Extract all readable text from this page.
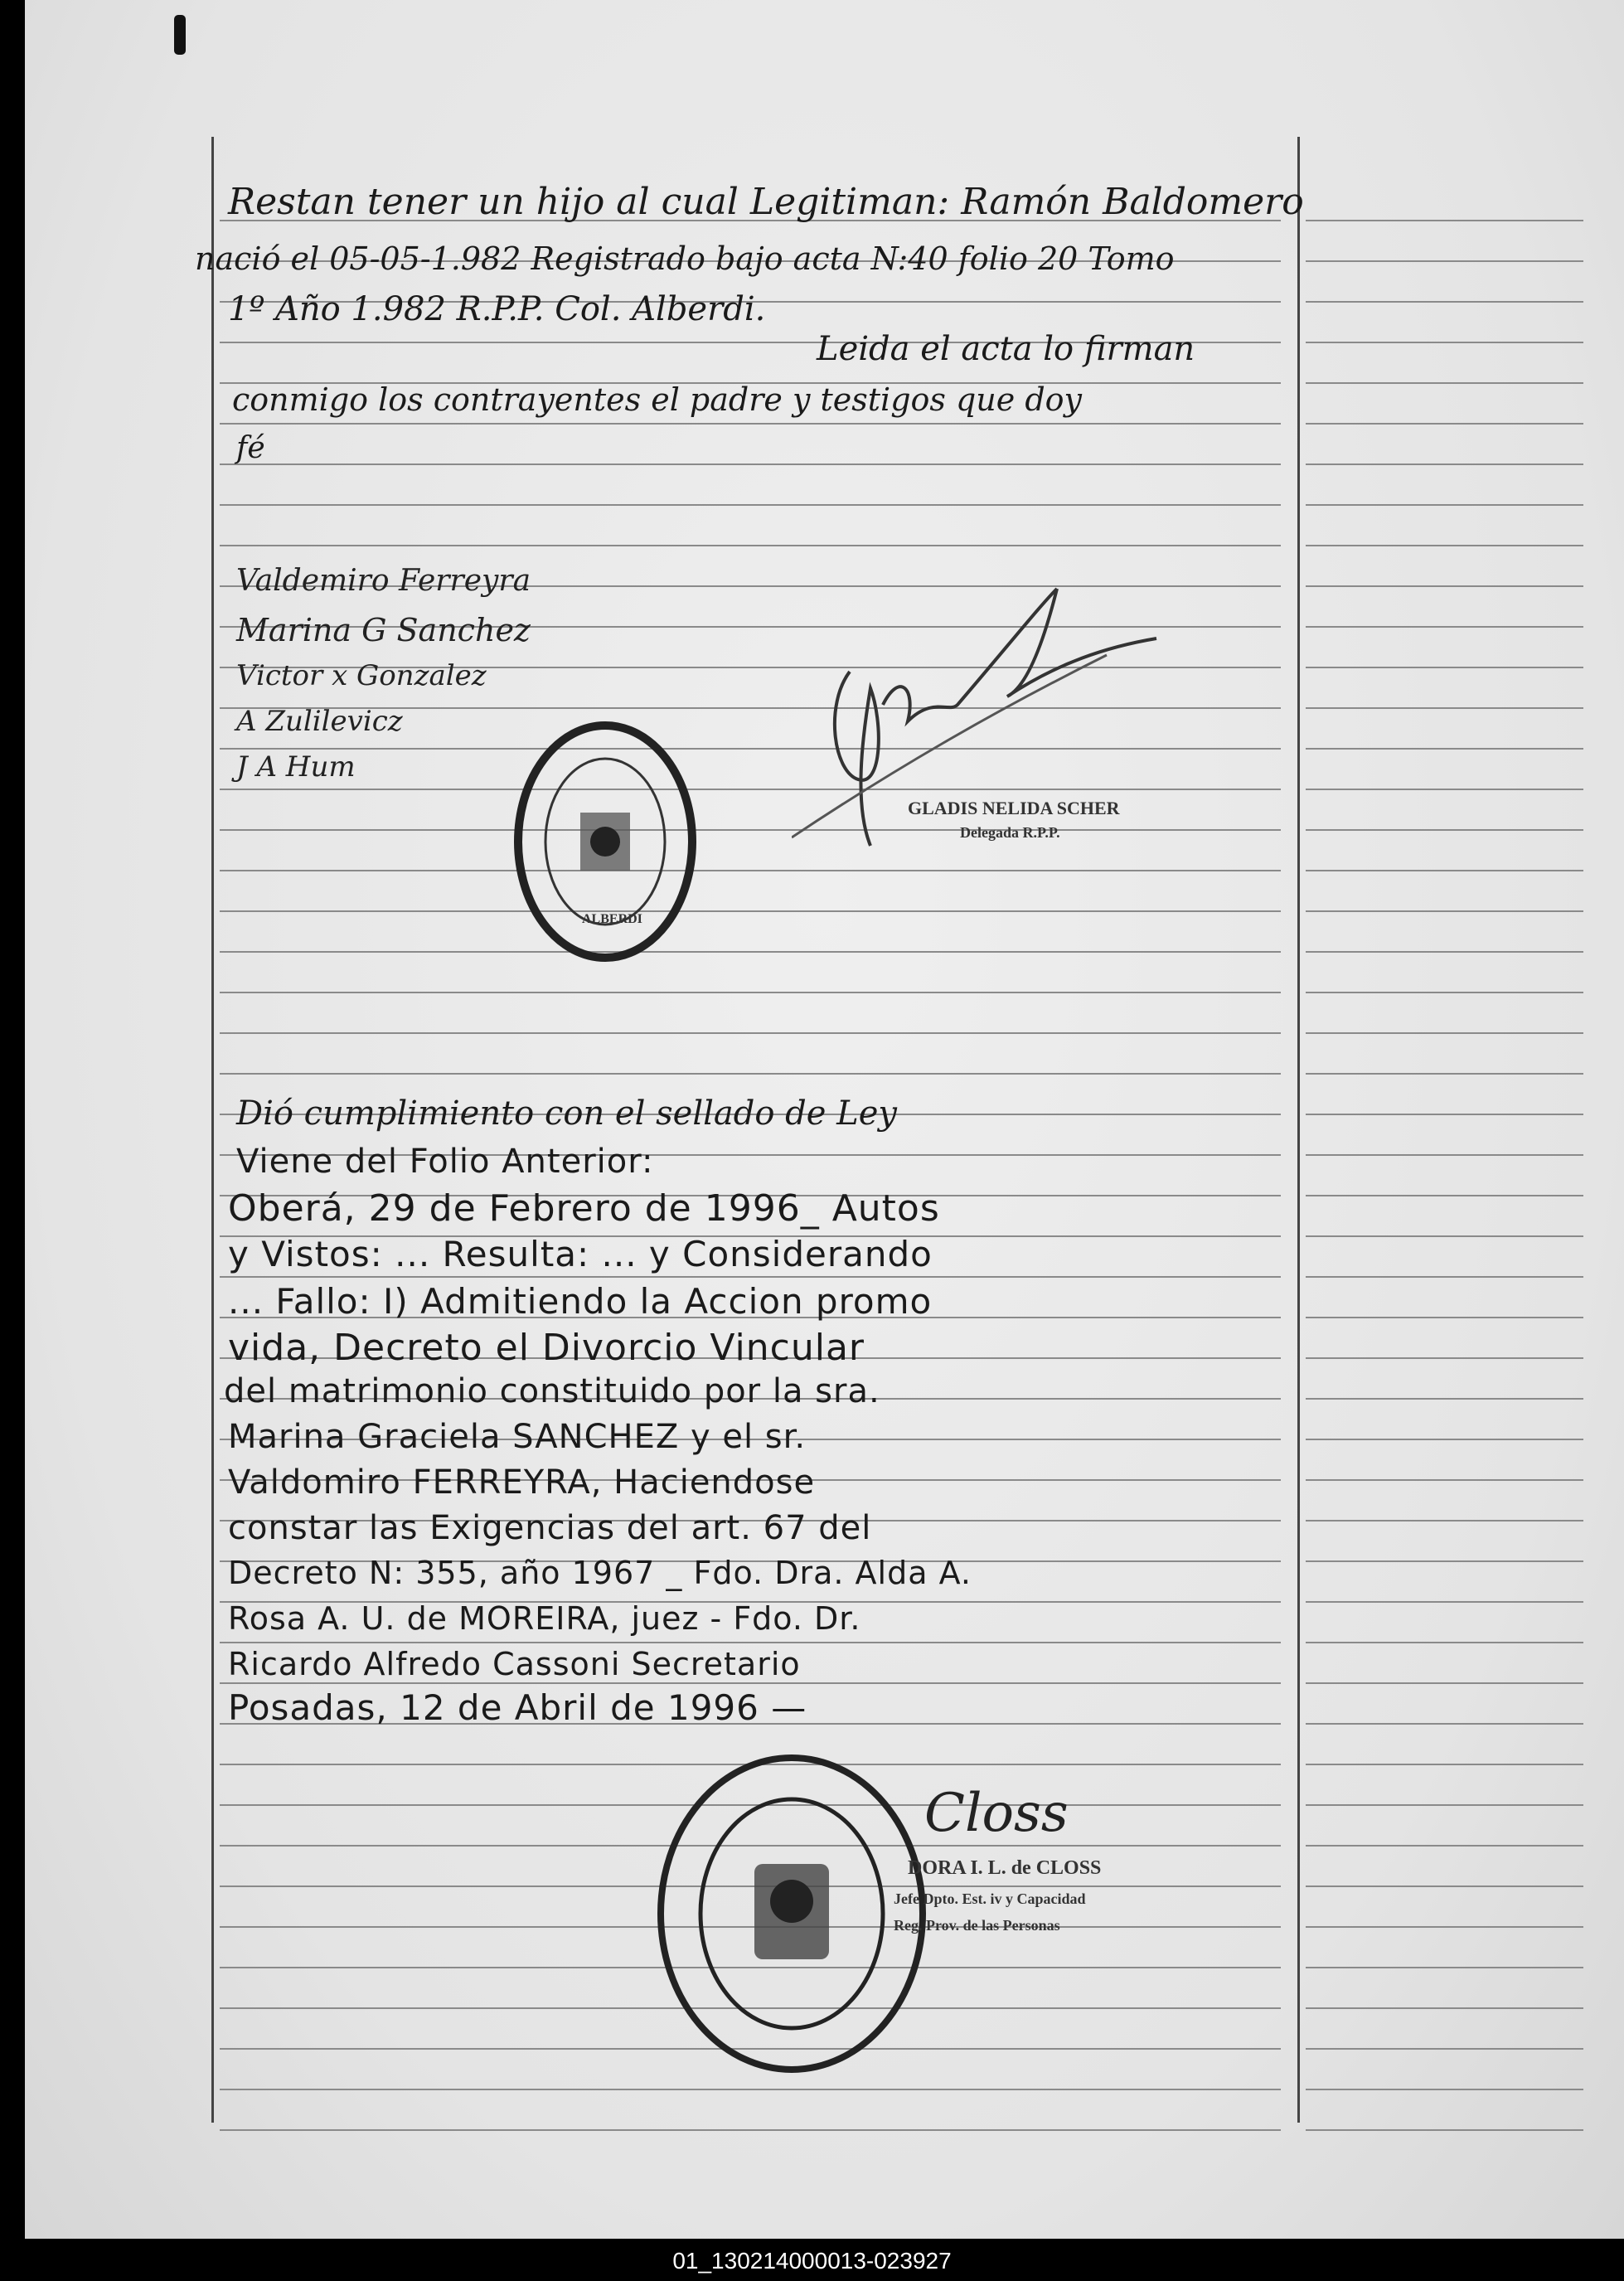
Restan tener un hijo al cual Legitiman: Ramón Baldomero
nació el 05-05-1.982 Registrado bajo acta N:40 folio 20 Tomo
1º Año 1.982 R.P.P. Col. Alberdi.
Leida el acta lo firman
conmigo los contrayentes el padre y testigos que doy
fé
Valdemiro Ferreyra
Marina G Sanchez
Victor x Gonzalez
A Zulilevicz
J A Hum
ALBERDI
GLADIS NELIDA SCHER
Delegada R.P.P.
Dió cumplimiento con el sellado de Ley
Viene del Folio Anterior:
Oberá, 29 de Febrero de 1996_ Autos
y Vistos: ... Resulta: ... y Considerando
... Fallo: I) Admitiendo la Accion promo
vida, Decreto el Divorcio Vincular
del matrimonio constituido por la sra.
Marina Graciela SANCHEZ y el sr.
Valdomiro FERREYRA, Haciendose
constar las Exigencias del art. 67 del
Decreto N: 355, año 1967 _ Fdo. Dra. Alda A.
Rosa A. U. de MOREIRA, juez - Fdo. Dr.
Ricardo Alfredo Cassoni Secretario
Posadas, 12 de Abril de 1996 —
Closs
DORA I. L. de CLOSS
Jefe Dpto. Est. iv y Capacidad
Reg. Prov. de las Personas
01_130214000013-023927
